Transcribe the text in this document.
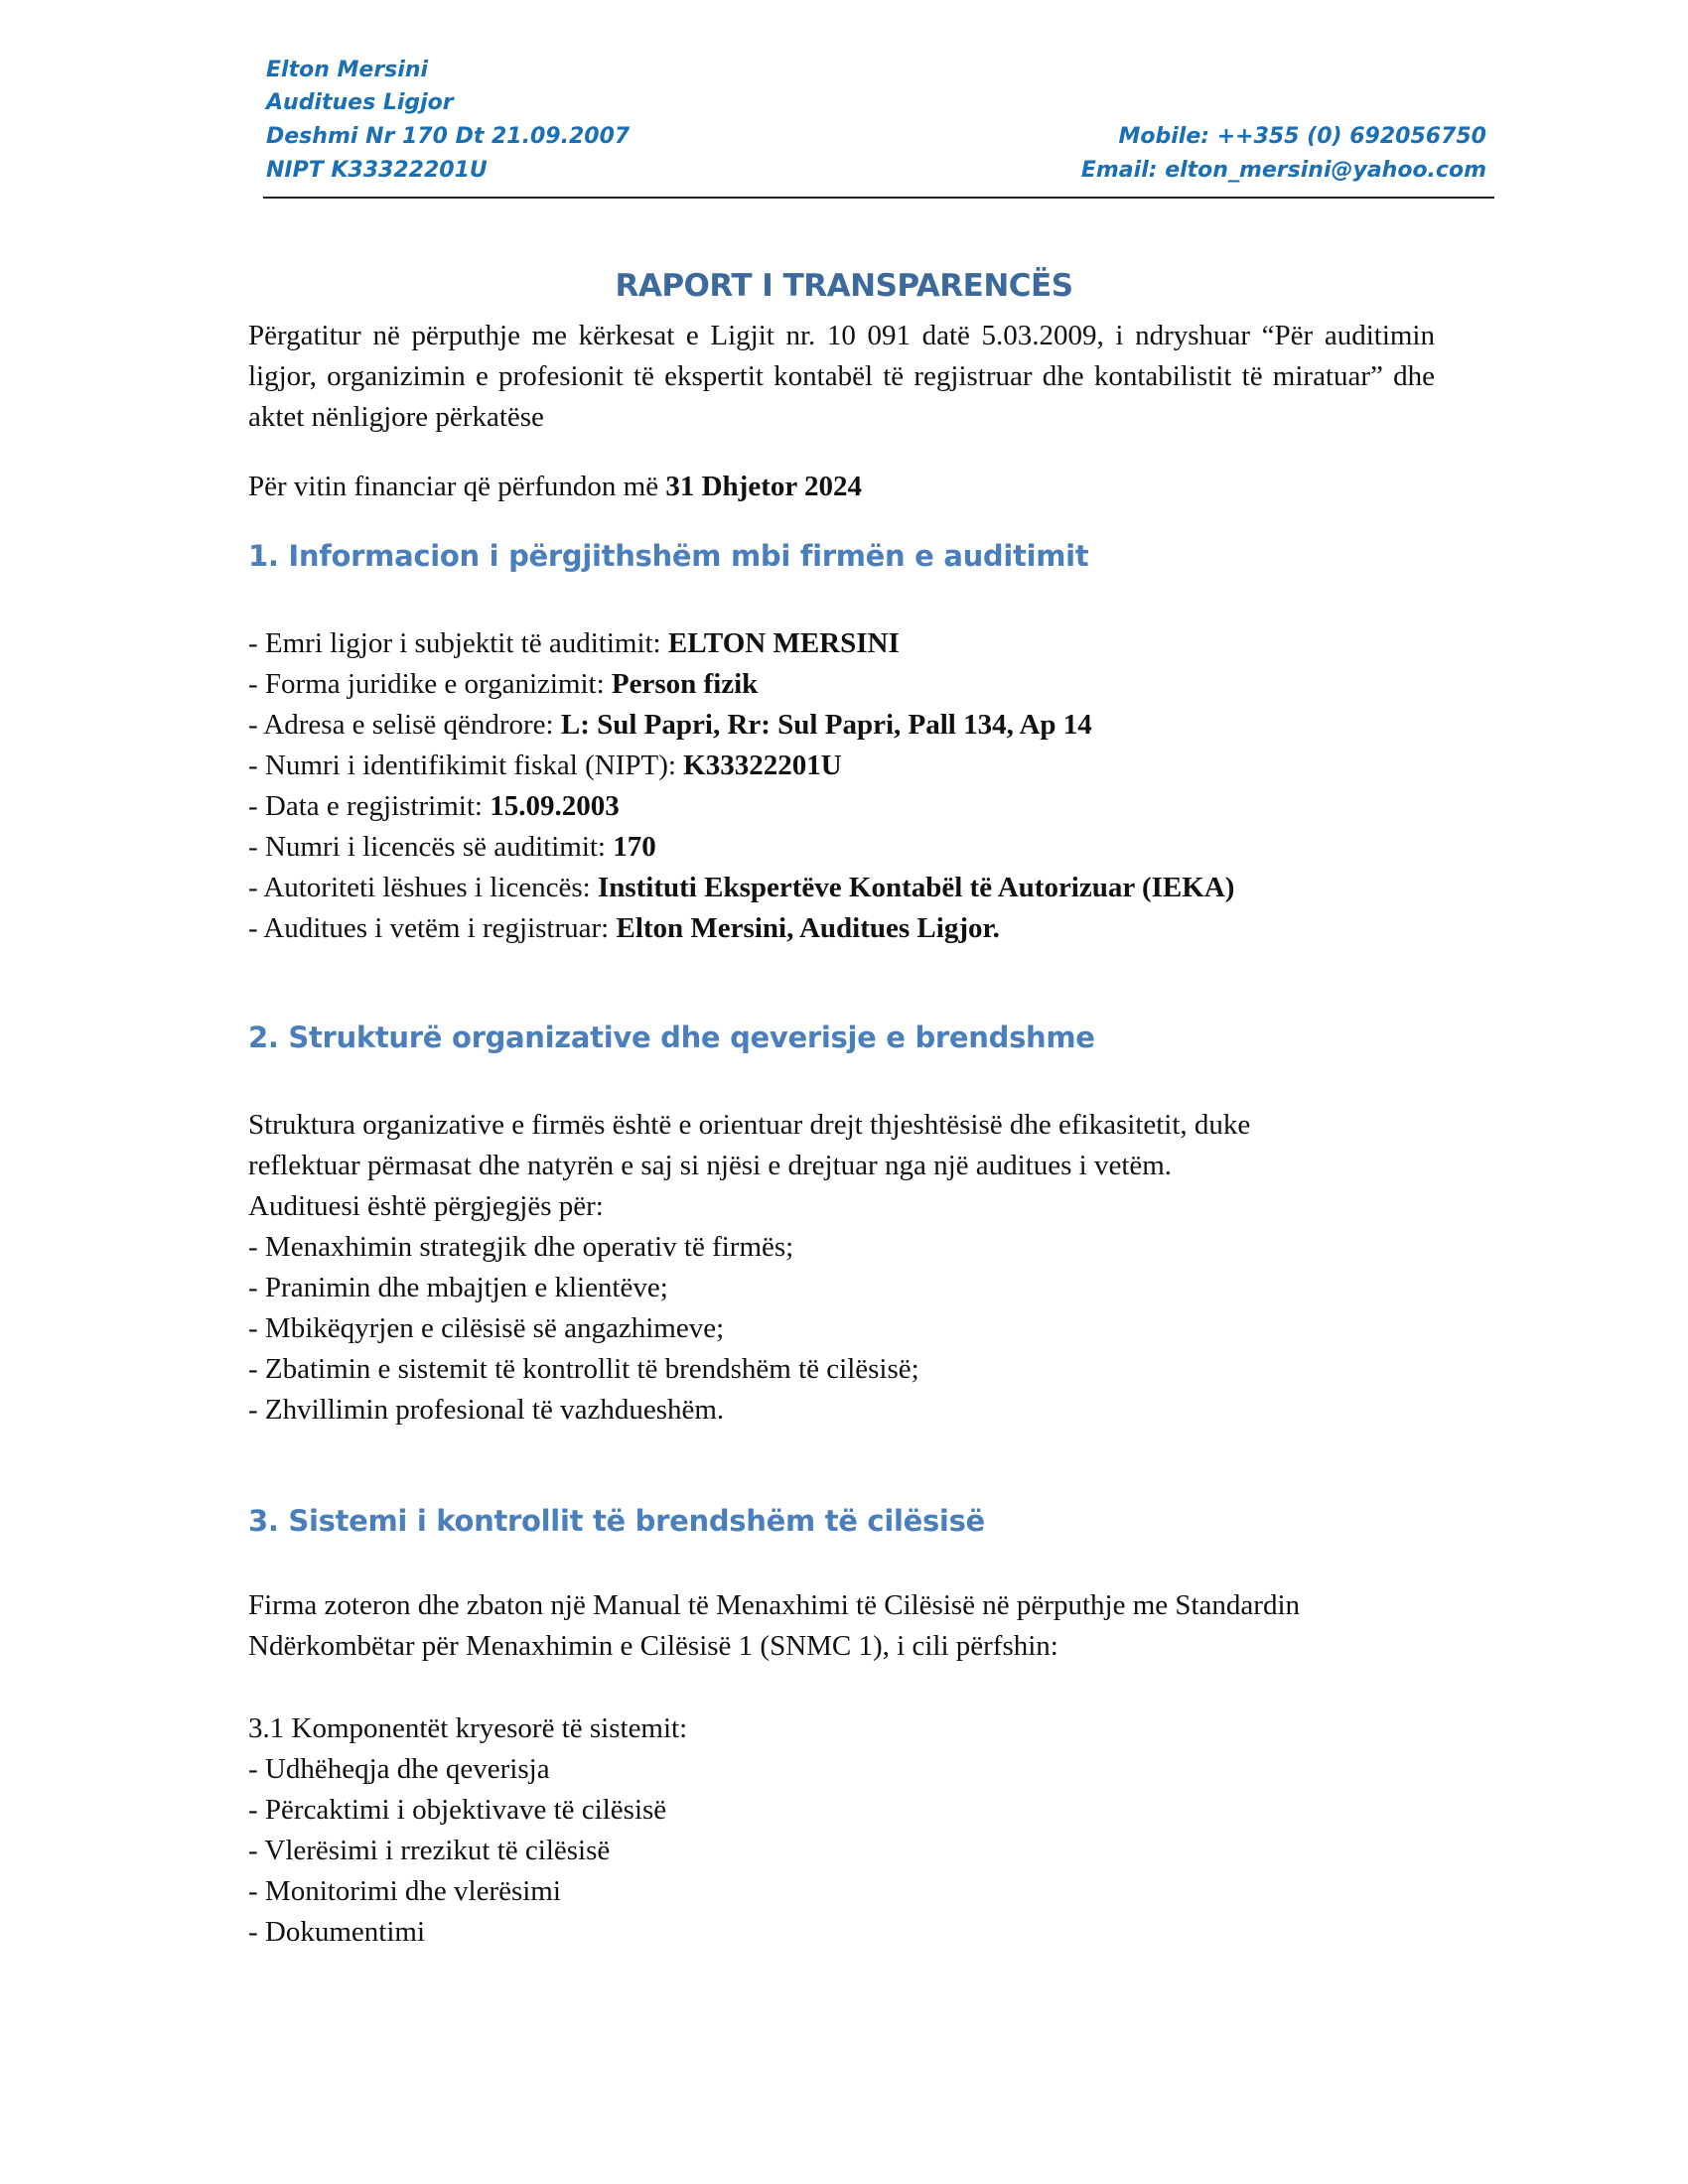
Elton Mersini
Auditues Ligjor
Deshmi Nr 170 Dt 21.09.2007
NIPT K33322201U
Mobile: ++355 (0) 692056750
Email: elton_mersini@yahoo.com
RAPORT I TRANSPARENCËS
Përgatitur në përputhje me kërkesat e Ligjit nr. 10 091 datë 5.03.2009, i ndryshuar “Për auditimin ligjor, organizimin e profesionit të ekspertit kontabël të regjistruar dhe kontabilistit të miratuar” dhe aktet nënligjore përkatëse
Për vitin financiar që përfundon më 31 Dhjetor 2024
1. Informacion i përgjithshëm mbi firmën e auditimit
- Emri ligjor i subjektit të auditimit: ELTON MERSINI
- Forma juridike e organizimit: Person fizik
- Adresa e selisë qëndrore: L: Sul Papri, Rr: Sul Papri, Pall 134, Ap 14
- Numri i identifikimit fiskal (NIPT): K33322201U
- Data e regjistrimit: 15.09.2003
- Numri i licencës së auditimit: 170
- Autoriteti lëshues i licencës: Instituti Ekspertëve Kontabël të Autorizuar (IEKA)
- Auditues i vetëm i regjistruar: Elton Mersini, Auditues Ligjor.
2. Strukturë organizative dhe qeverisje e brendshme
Struktura organizative e firmës është e orientuar drejt thjeshtësisë dhe efikasitetit, duke
reflektuar përmasat dhe natyrën e saj si njësi e drejtuar nga një auditues i vetëm.
Audituesi është përgjegjës për:
- Menaxhimin strategjik dhe operativ të firmës;
- Pranimin dhe mbajtjen e klientëve;
- Mbikëqyrjen e cilësisë së angazhimeve;
- Zbatimin e sistemit të kontrollit të brendshëm të cilësisë;
- Zhvillimin profesional të vazhdueshëm.
3. Sistemi i kontrollit të brendshëm të cilësisë
Firma zoteron dhe zbaton një Manual të Menaxhimi të Cilësisë në përputhje me Standardin
Ndërkombëtar për Menaxhimin e Cilësisë 1 (SNMC 1), i cili përfshin:
3.1 Komponentët kryesorë të sistemit:
- Udhëheqja dhe qeverisja
- Përcaktimi i objektivave të cilësisë
- Vlerësimi i rrezikut të cilësisë
- Monitorimi dhe vlerësimi
- Dokumentimi
